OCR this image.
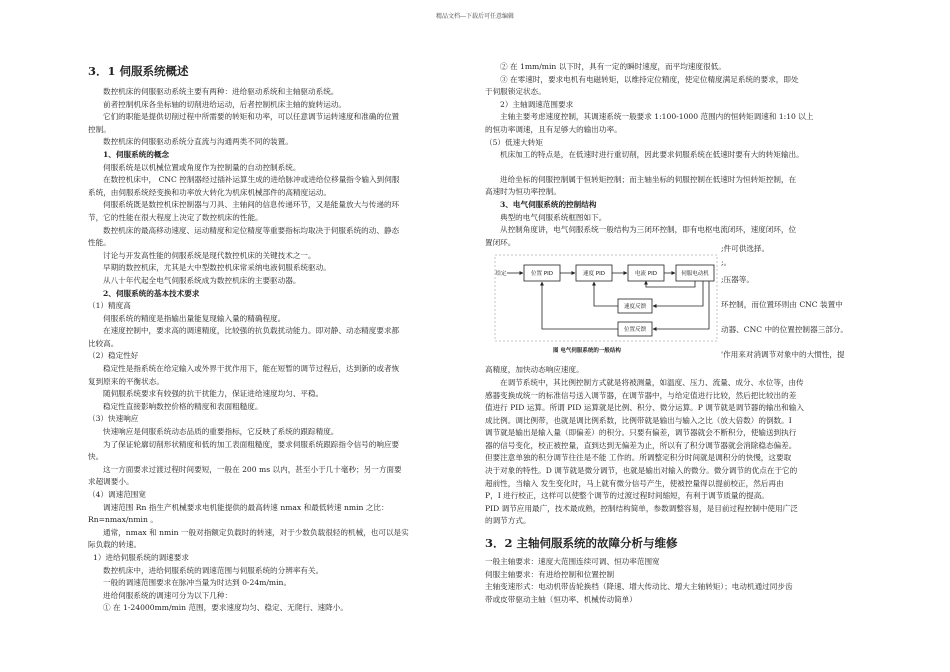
精品文档---下载后可任意编辑
3．1 伺服系统概述

数控机床的伺服驱动系统主要有两种：进给驱动系统和主轴驱动系统。

前者控制机床各坐标轴的切削进给运动，后者控制机床主轴的旋转运动。

它们的职能是提供切削过程中所需要的转矩和功率，可以任意调节运转速度和准确的位置

控制。

数控机床的伺服驱动系统分直流与沟通两类不同的装置。

1、伺服系统的概念

伺服系统是以机械位置或角度作为控制量的自动控制系统。

在数控机床中， CNC 控制器经过插补运算生成的进给脉冲或进给位移量指令输入到伺服

系统，由伺服系统经变换和功率放大转化为机床机械部件的高精度运动。

伺服系统既是数控机床控制器与刀具、主轴间的信息传递环节，又是能量放大与传递的环

节，它的性能在很大程度上决定了数控机床的性能。

数控机床的最高移动速度、运动精度和定位精度等重要指标均取决于伺服系统的动、静态

性能。

讨论与开发高性能的伺服系统是现代数控机床的关键技术之一。

早期的数控机床，尤其是大中型数控机床常采纳电液伺服系统驱动。

从八十年代起全电气伺服系统成为数控机床的主要驱动器。

2、伺服系统的基本技术要求

（1）精度高

伺服系统的精度是指输出量能复现输入量的精确程度。

在速度控制中，要求高的调速精度，比较强的抗负载扰动能力。即对静、动态精度要求都

比较高。

（2）稳定性好

稳定性是指系统在给定输入或外界干扰作用下，能在短暂的调节过程后，达到新的或者恢

复到原来的平衡状态。

随伺服系统要求有较强的抗干扰能力，保证进给速度均匀、平稳。

稳定性直接影响数控价格的精度和表面粗糙度。

（3）快速响应

快速响应是伺服系统动态品质的重要指标，它反映了系统的跟踪精度。

为了保证轮廓切削形状精度和低的加工表面粗糙度，要求伺服系统跟踪指令信号的响应要

快。

这一方面要求过渡过程时间要短，一般在 200 ms 以内，甚至小于几十毫秒；另一方面要

求超调要小。

（4）调速范围宽

调速范围 Rn 指生产机械要求电机能提供的最高转速 nmax 和最低转速 nmin 之比：

Rn=nmax/nmin 。

通常，nmax 和 nmin 一般对指额定负载时的转速，对于少数负载很轻的机械，也可以是实

际负载的转速。

1）进给伺服系统的调速要求

数控机床中，进给伺服系统的调速范围与伺服系统的分辨率有关。

一般的调速范围要求在脉冲当量为时达到 0-24m/min。

进给伺服系统的调速可分为以下几种：

① 在 1-24000mm/min 范围，要求速度均匀、稳定、无爬行、速降小。

② 在 1mm/min 以下时，具有一定的瞬时速度，而平均速度很低。

③ 在零速时，要求电机有电磁转矩，以维持定位精度，使定位精度满足系统的要求，即处

于伺服锁定状态。

2）主轴调速范围要求

主轴主要考虑速度控制，其调速系统一般要求 1:100-1000 范围内的恒转矩调速和 1:10 以上

的恒功率调速，且有足够大的输出功率。

（5）低速大转矩

机床加工的特点是，在低速时进行重切削，因此要求伺服系统在低速时要有大的转矩输出。

进给坐标的伺服控制属于恒转矩控制；而主轴坐标的伺服控制在低速时为恒转矩控制，在

高速时为恒功率控制。

3、电气伺服系统的控制结构

典型的电气伺服系统框图如下。

从控制角度讲，电气伺服系统一般结构为三闭环控制，即有电枢电流闭环，速度闭环，位

置闭环。

给定	位置 PID	速度 PID	电流 PID	伺服电动机
速度反馈
位置反馈
图 电气伺服系统的一般结构
;件可供选择。
;。
;压器等。
环控制，而位置环则由 CNC 装置中
动器、CNC 中的位置控制器三部分。
'作用来对消调节对象中的大惯性，提

高精度，加快动态响应速度。

在调节系统中，其比例控制方式就是将被测量，如温度、压力、流量、成分、水位等，由传

感器变换成统一的标准信号送入调节器，在调节器中，与给定值进行比较，然后把比较出的差

值进行 PID 运算。所谓 PID 运算就是比例、积分、微分运算。P 调节就是调节器的输出和输入

成比例。调比例带，也就是调比例系数，比例带就是输出与输入之比（放大倍数）的倒数。I

调节就是输出是输入量（即偏差）的积分。只要有偏差，调节器就会不断积分，使输送到执行

器的信号变化，校正被控量，直到达到无偏差为止，所以有了积分调节器就会消除稳态偏差。

但要注意单独的积分调节往往是不能 工作的。所调整定积分时间就是调积分的快慢，这要取

决于对象的特性。D 调节就是微分调节，也就是输出对输入的微分。微分调节的优点在于它的

超前性，当输入 发生变化时，马上就有微分信号产生，使被控量得以提前校正，然后再由

P，I 进行校正，这样可以使整个调节的过渡过程时间缩短，有利于调节质量的提高。

PID 调节应用最广，技术最成熟，控制结构简单，参数调整容易，是目前过程控制中使用广泛

的调节方式。

3．2 主轴伺服系统的故障分析与维修

一般主轴要求：速度大范围连续可调、恒功率范围宽

伺服主轴要求：有进给控制和位置控制

主轴变速形式：电动机带齿轮换档（降速、增大传动比、增大主轴转矩）；电动机通过同步齿

带或皮带驱动主轴（恒功率、机械传动简单）
